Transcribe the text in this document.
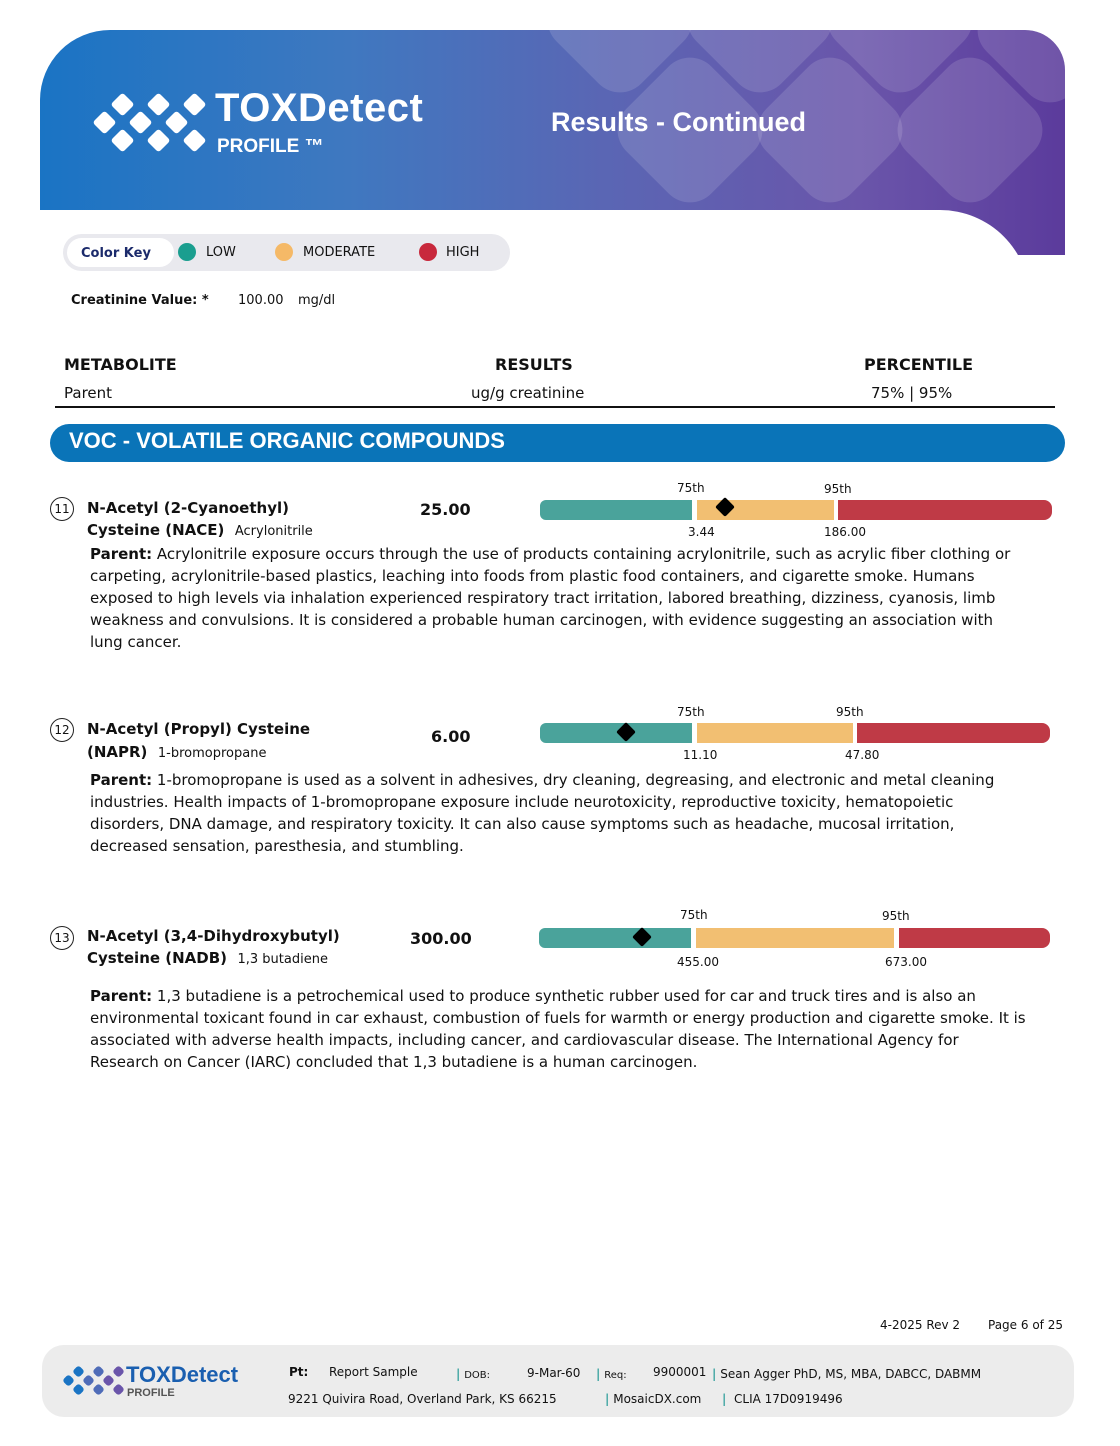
TOXDetect
PROFILE ™
Results - Continued
Color Key	LOW	MODERATE	HIGH
Creatinine Value: * 100.00 mg/dl
METABOLITE	RESULTS	PERCENTILE
Parent	ug/g creatinine	75% | 95%
VOC - VOLATILE ORGANIC COMPOUNDS
11 N-Acetyl (2-Cyanoethyl)
Cysteine (NACE) Acrylonitrile
25.00
75th	95th
3.44	186.00
Parent: Acrylonitrile exposure occurs through the use of products containing acrylonitrile, such as acrylic fiber clothing or carpeting, acrylonitrile-based plastics, leaching into foods from plastic food containers, and cigarette smoke. Humans exposed to high levels via inhalation experienced respiratory tract irritation, labored breathing, dizziness, cyanosis, limb weakness and convulsions. It is considered a probable human carcinogen, with evidence suggesting an association with lung cancer.
12 N-Acetyl (Propyl) Cysteine
(NAPR) 1-bromopropane
6.00
75th	95th
11.10	47.80
Parent: 1-bromopropane is used as a solvent in adhesives, dry cleaning, degreasing, and electronic and metal cleaning industries. Health impacts of 1-bromopropane exposure include neurotoxicity, reproductive toxicity, hematopoietic disorders, DNA damage, and respiratory toxicity. It can also cause symptoms such as headache, mucosal irritation, decreased sensation, paresthesia, and stumbling.
13 N-Acetyl (3,4-Dihydroxybutyl)
Cysteine (NADB) 1,3 butadiene
300.00
75th	95th
455.00	673.00
Parent: 1,3 butadiene is a petrochemical used to produce synthetic rubber used for car and truck tires and is also an environmental toxicant found in car exhaust, combustion of fuels for warmth or energy production and cigarette smoke. It is associated with adverse health impacts, including cancer, and cardiovascular disease. The International Agency for Research on Cancer (IARC) concluded that 1,3 butadiene is a human carcinogen.
4-2025 Rev 2 Page 6 of 25
TOXDetect
PROFILE
Pt: Report Sample	| DOB:	9-Mar-60 | Req: 9900001 | Sean Agger PhD, MS, MBA, DABCC, DABMM
9221 Quivira Road, Overland Park, KS 66215	| MosaicDX.com | CLIA 17D0919496
